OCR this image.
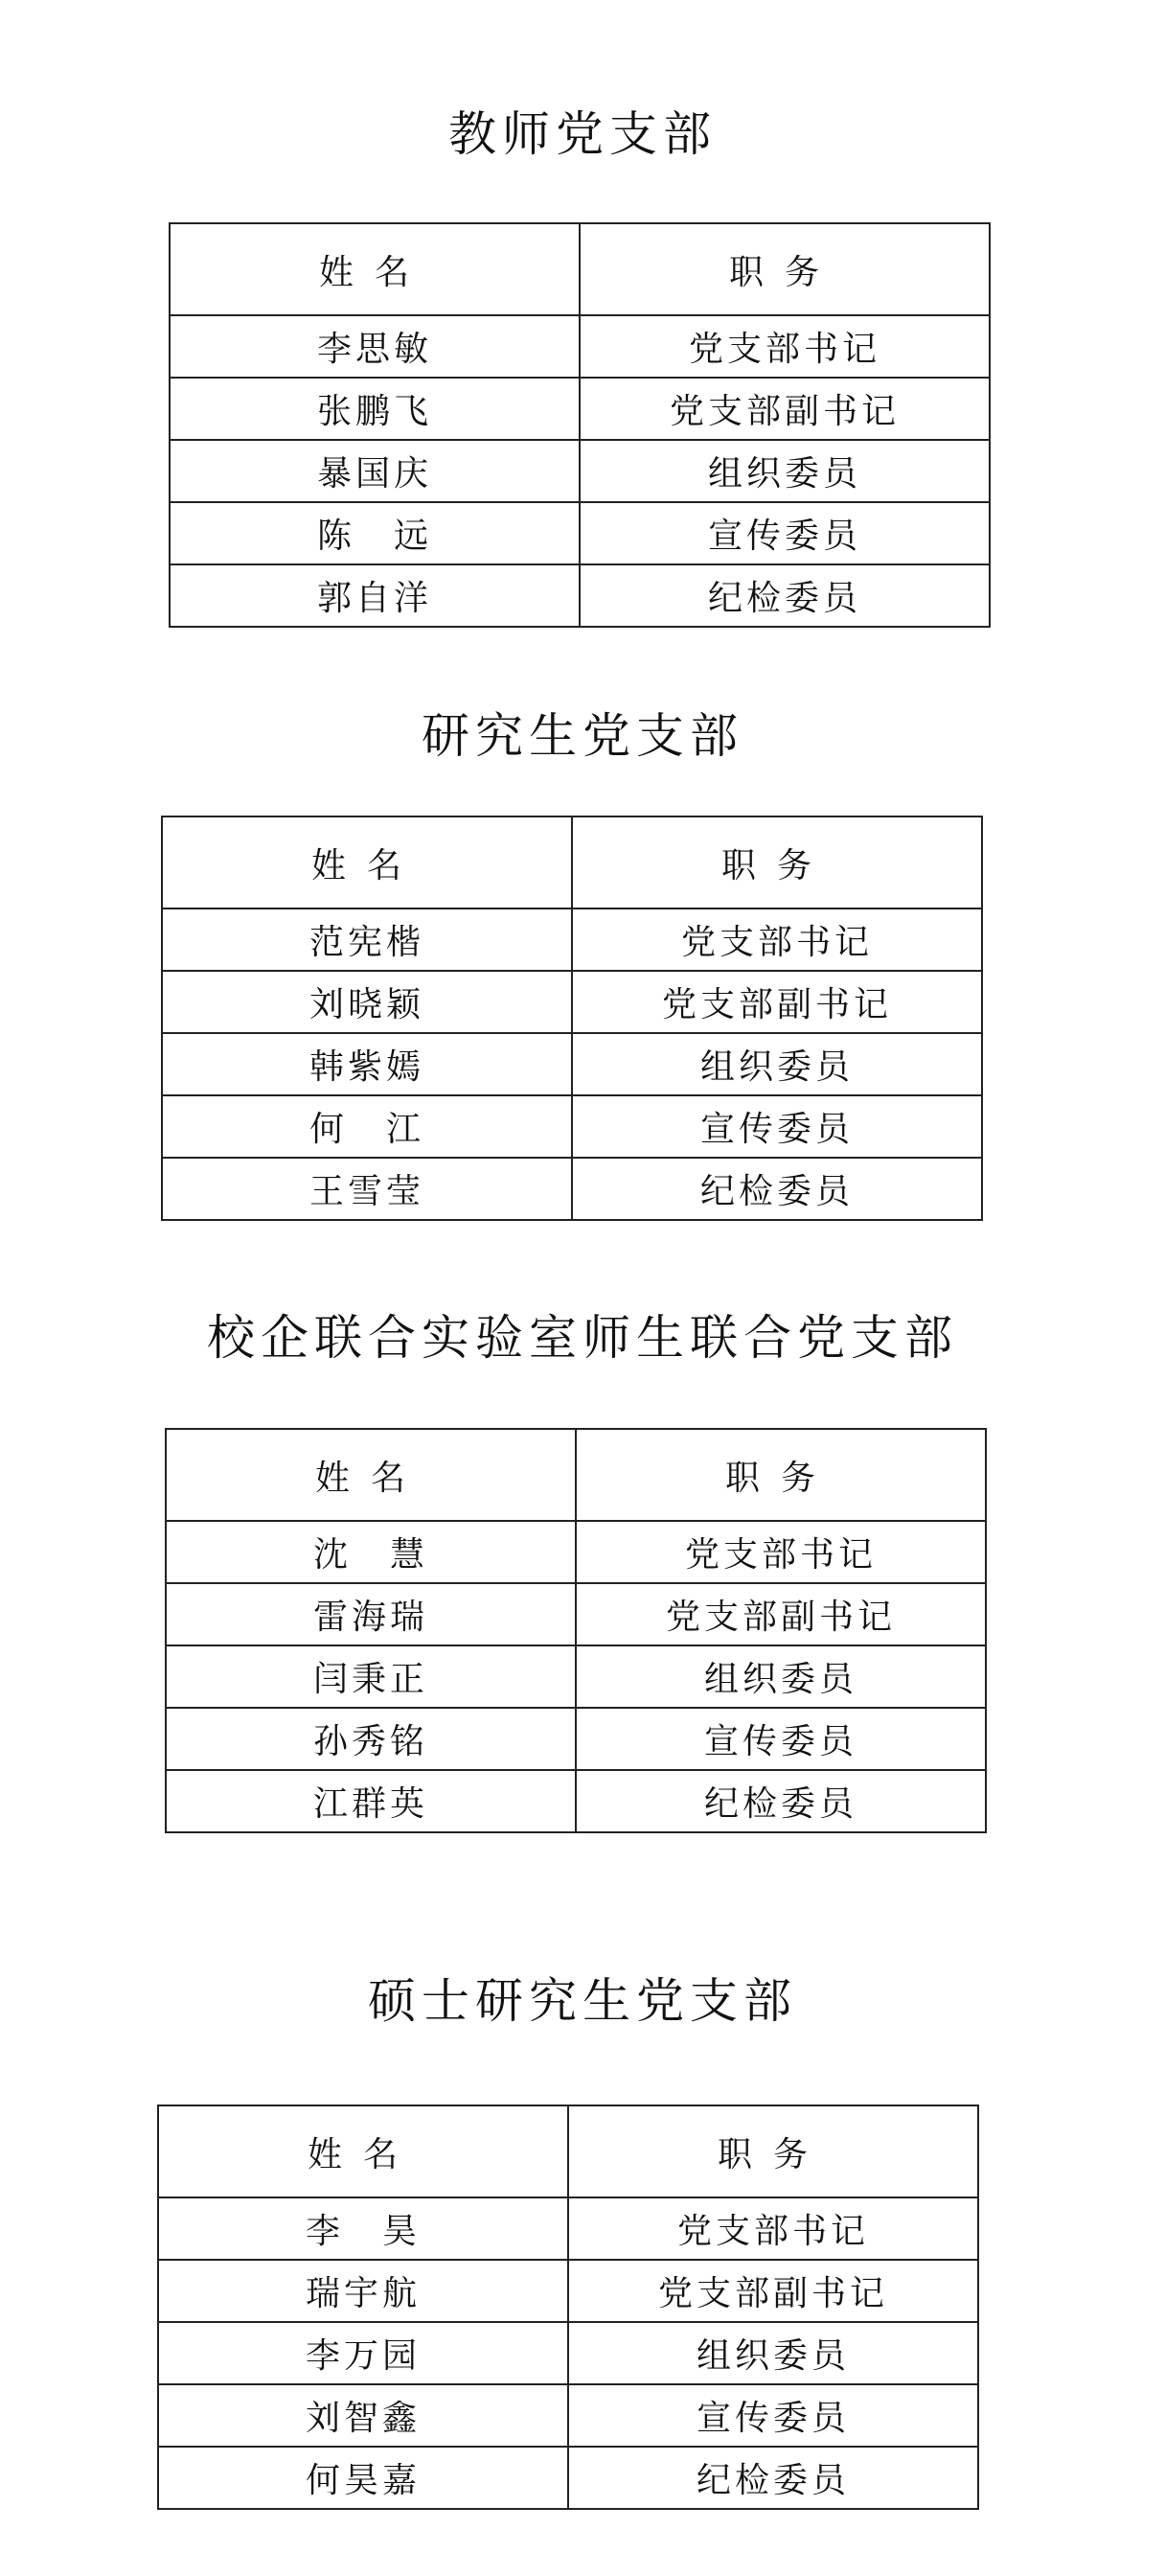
教师党支部
姓名	职务
李思敏	党支部书记
张鹏飞	党支部副书记
暴国庆	组织委员
陈　远	宣传委员
郭自洋	纪检委员
研究生党支部
姓名	职务
范宪楷	党支部书记
刘晓颖	党支部副书记
韩紫嫣	组织委员
何　江	宣传委员
王雪莹	纪检委员
校企联合实验室师生联合党支部
姓名	职务
沈　慧	党支部书记
雷海瑞	党支部副书记
闫秉正	组织委员
孙秀铭	宣传委员
江群英	纪检委员
硕士研究生党支部
姓名	职务
李　昊	党支部书记
瑞宇航	党支部副书记
李万园	组织委员
刘智鑫	宣传委员
何昊嘉	纪检委员
